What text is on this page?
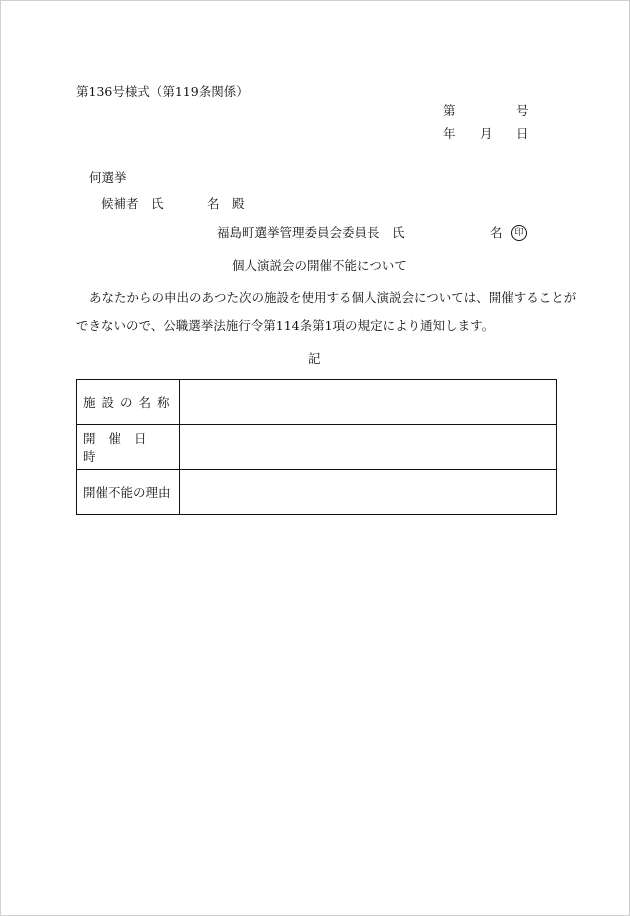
第136号様式（第119条関係）
第	号
年 月 日
何選挙
候補者　氏	名　殿
福島町選挙管理委員会委員長　氏	名	印
個人演説会の開催不能について
あなたからの申出のあつた次の施設を使用する個人演説会については、開催することが
できないので、公職選挙法施行令第114条第1項の規定により通知します。
記
施設の名称	
開催日時	
開催不能の理由	
